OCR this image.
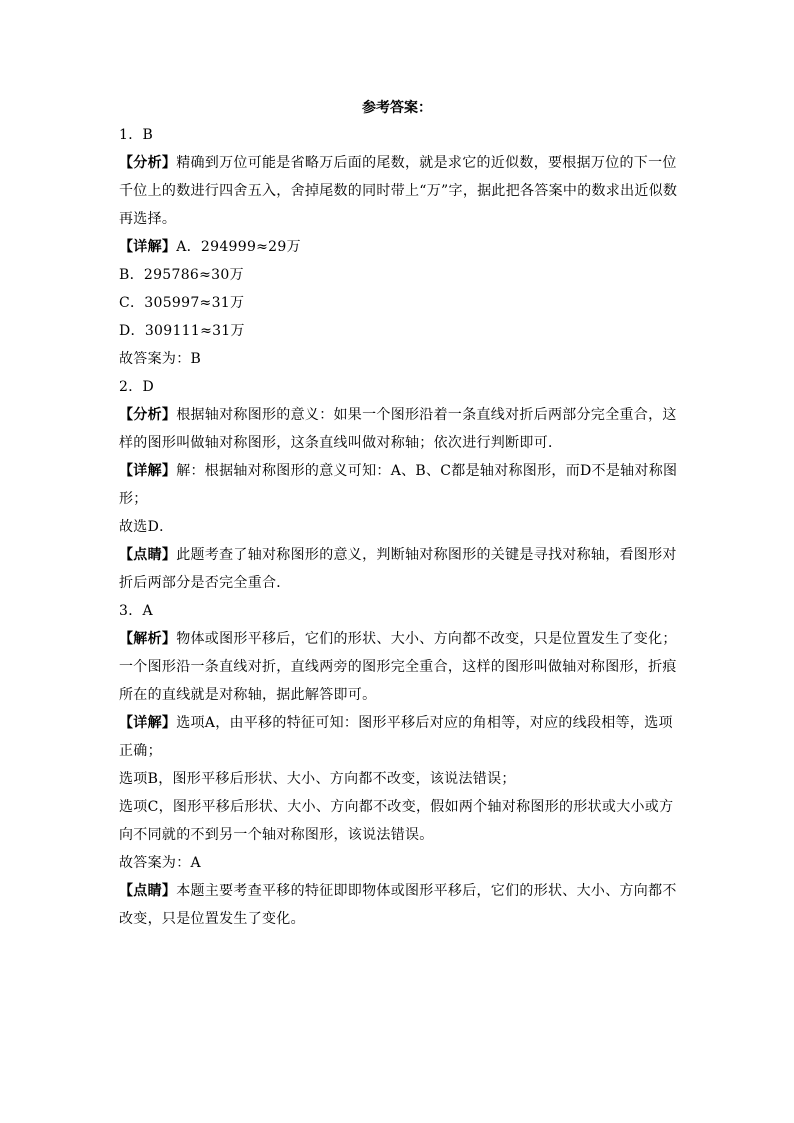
参考答案：

1．B

【分析】精确到万位可能是省略万后面的尾数，就是求它的近似数，要根据万位的下一位千位上的数进行四舍五入，舍掉尾数的同时带上“万”字，据此把各答案中的数求出近似数再选择。

【详解】A．294999≈29万

B．295786≈30万

C．305997≈31万

D．309111≈31万

故答案为：B

2．D

【分析】根据轴对称图形的意义：如果一个图形沿着一条直线对折后两部分完全重合，这样的图形叫做轴对称图形，这条直线叫做对称轴；依次进行判断即可．

【详解】解：根据轴对称图形的意义可知：A、B、C都是轴对称图形，而D不是轴对称图形；

故选D．

【点睛】此题考查了轴对称图形的意义，判断轴对称图形的关键是寻找对称轴，看图形对折后两部分是否完全重合．

3．A

【解析】物体或图形平移后，它们的形状、大小、方向都不改变，只是位置发生了变化；一个图形沿一条直线对折，直线两旁的图形完全重合，这样的图形叫做轴对称图形，折痕所在的直线就是对称轴，据此解答即可。

【详解】选项A，由平移的特征可知：图形平移后对应的角相等，对应的线段相等，选项正确；

选项B，图形平移后形状、大小、方向都不改变，该说法错误；

选项C，图形平移后形状、大小、方向都不改变，假如两个轴对称图形的形状或大小或方向不同就的不到另一个轴对称图形，该说法错误。

故答案为：A

【点睛】本题主要考查平移的特征即即物体或图形平移后，它们的形状、大小、方向都不改变，只是位置发生了变化。
